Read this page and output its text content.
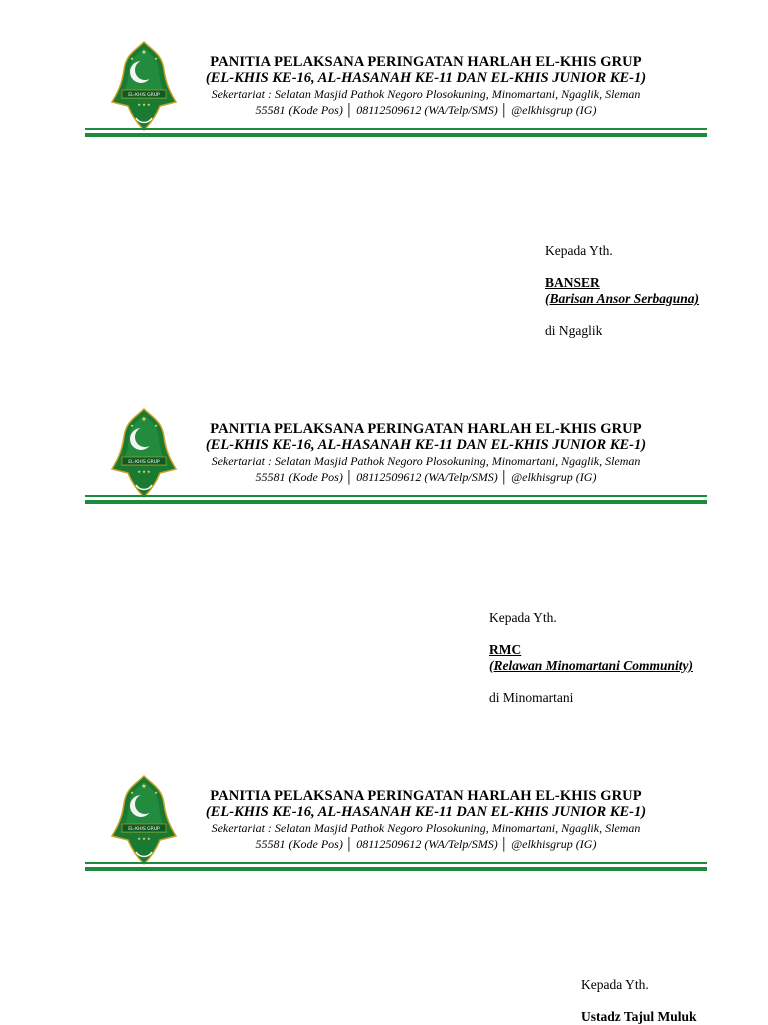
★
★	★
EL-KHIS GRUP
★ ★ ★
PANITIA PELAKSANA PERINGATAN HARLAH EL-KHIS GRUP
(EL-KHIS KE-16, AL-HASANAH KE-11 DAN EL-KHIS JUNIOR KE-1)
Sekertariat : Selatan Masjid Pathok Negoro Plosokuning, Minomartani, Ngaglik, Sleman
55581 (Kode Pos) │ 08112509612 (WA/Telp/SMS) │ @elkhisgrup (IG)
Kepada Yth.
BANSER
(Barisan Ansor Serbaguna)
di Ngaglik
★
★	★
EL-KHIS GRUP
★ ★ ★
PANITIA PELAKSANA PERINGATAN HARLAH EL-KHIS GRUP
(EL-KHIS KE-16, AL-HASANAH KE-11 DAN EL-KHIS JUNIOR KE-1)
Sekertariat : Selatan Masjid Pathok Negoro Plosokuning, Minomartani, Ngaglik, Sleman
55581 (Kode Pos) │ 08112509612 (WA/Telp/SMS) │ @elkhisgrup (IG)
Kepada Yth.
RMC
(Relawan Minomartani Community)
di Minomartani
★
★	★
EL-KHIS GRUP
★ ★ ★
PANITIA PELAKSANA PERINGATAN HARLAH EL-KHIS GRUP
(EL-KHIS KE-16, AL-HASANAH KE-11 DAN EL-KHIS JUNIOR KE-1)
Sekertariat : Selatan Masjid Pathok Negoro Plosokuning, Minomartani, Ngaglik, Sleman
55581 (Kode Pos) │ 08112509612 (WA/Telp/SMS) │ @elkhisgrup (IG)
Kepada Yth.
Ustadz Tajul Muluk
